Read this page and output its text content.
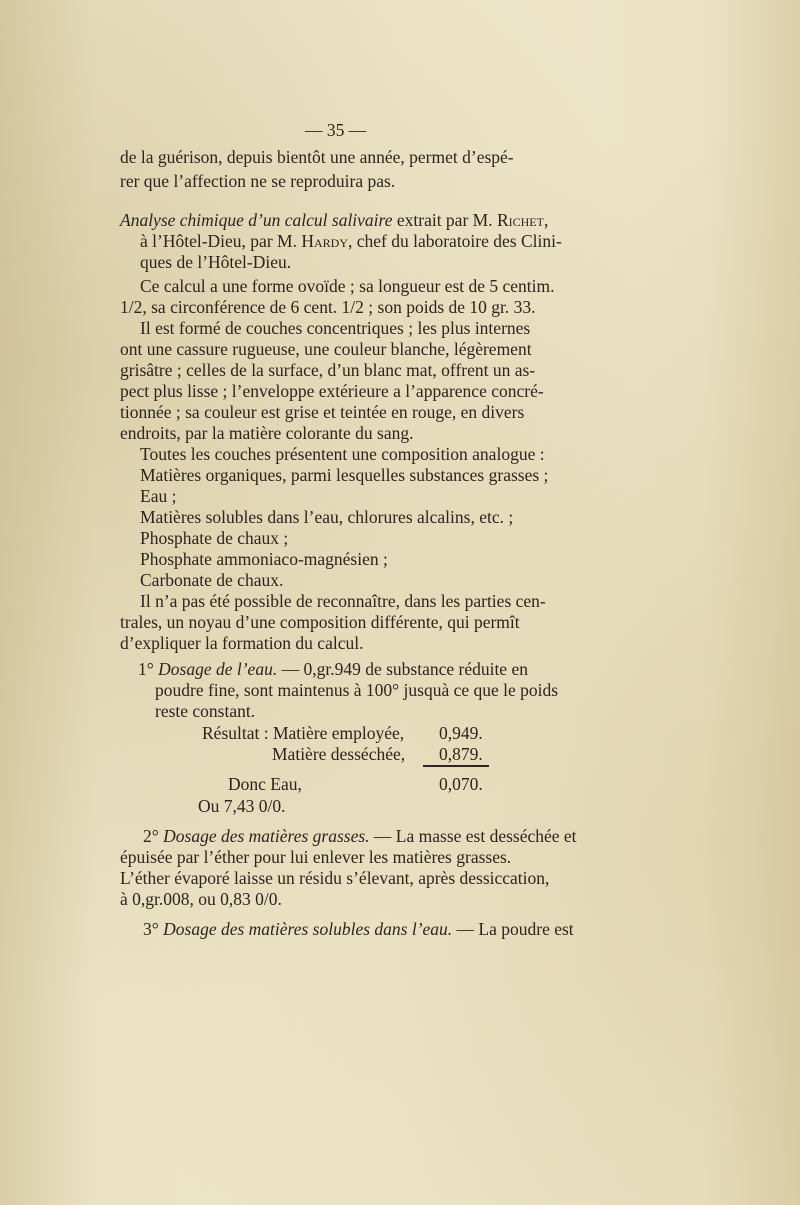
— 35 —
de la guérison, depuis bientôt une année, permet d’espé-
rer que l’affection ne se reproduira pas.
Analyse chimique d’un calcul salivaire extrait par M. Richet,
à l’Hôtel-Dieu, par M. Hardy, chef du laboratoire des Clini-
ques de l’Hôtel-Dieu.
Ce calcul a une forme ovoïde ; sa longueur est de 5 centim.
1/2, sa circonférence de 6 cent. 1/2 ; son poids de 10 gr. 33.
Il est formé de couches concentriques ; les plus internes
ont une cassure rugueuse, une couleur blanche, légèrement
grisâtre ; celles de la surface, d’un blanc mat, offrent un as-
pect plus lisse ; l’enveloppe extérieure a l’apparence concré-
tionnée ; sa couleur est grise et teintée en rouge, en divers
endroits, par la matière colorante du sang.
Toutes les couches présentent une composition analogue :
Matières organiques, parmi lesquelles substances grasses ;
Eau ;
Matières solubles dans l’eau, chlorures alcalins, etc. ;
Phosphate de chaux ;
Phosphate ammoniaco-magnésien ;
Carbonate de chaux.
Il n’a pas été possible de reconnaître, dans les parties cen-
trales, un noyau d’une composition différente, qui permît
d’expliquer la formation du calcul.
1° Dosage de l’eau. — 0,gr.949 de substance réduite en
poudre fine, sont maintenus à 100° jusquà ce que le poids
reste constant.
Résultat : Matière employée, 0,949.
Matière desséchée, 0,879.
Donc Eau,	0,070.
Ou 7,43 0/0.
2° Dosage des matières grasses. — La masse est desséchée et
épuisée par l’éther pour lui enlever les matières grasses.
L’éther évaporé laisse un résidu s’élevant, après dessiccation,
à 0,gr.008, ou 0,83 0/0.
3° Dosage des matières solubles dans l’eau. — La poudre est
